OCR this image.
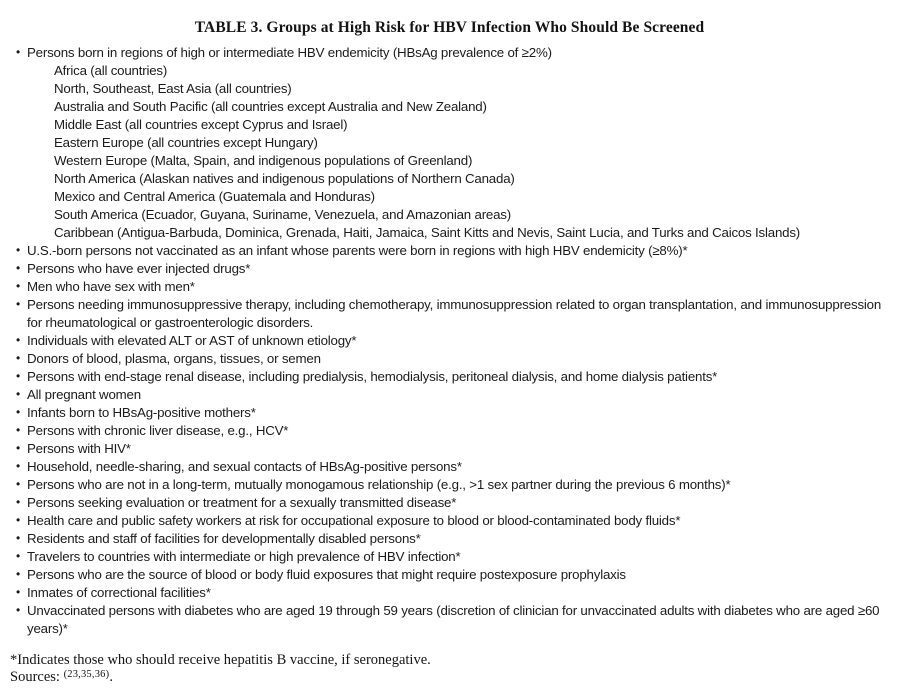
TABLE 3. Groups at High Risk for HBV Infection Who Should Be Screened
• Persons born in regions of high or intermediate HBV endemicity (HBsAg prevalence of ≥2%)
Africa (all countries)
North, Southeast, East Asia (all countries)
Australia and South Pacific (all countries except Australia and New Zealand)
Middle East (all countries except Cyprus and Israel)
Eastern Europe (all countries except Hungary)
Western Europe (Malta, Spain, and indigenous populations of Greenland)
North America (Alaskan natives and indigenous populations of Northern Canada)
Mexico and Central America (Guatemala and Honduras)
South America (Ecuador, Guyana, Suriname, Venezuela, and Amazonian areas)
Caribbean (Antigua-Barbuda, Dominica, Grenada, Haiti, Jamaica, Saint Kitts and Nevis, Saint Lucia, and Turks and Caicos Islands)
• U.S.-born persons not vaccinated as an infant whose parents were born in regions with high HBV endemicity (≥8%)*
• Persons who have ever injected drugs*
• Men who have sex with men*
• Persons needing immunosuppressive therapy, including chemotherapy, immunosuppression related to organ transplantation, and immunosuppression for rheumatological or gastroenterologic disorders.
• Individuals with elevated ALT or AST of unknown etiology*
• Donors of blood, plasma, organs, tissues, or semen
• Persons with end-stage renal disease, including predialysis, hemodialysis, peritoneal dialysis, and home dialysis patients*
• All pregnant women
• Infants born to HBsAg-positive mothers*
• Persons with chronic liver disease, e.g., HCV*
• Persons with HIV*
• Household, needle-sharing, and sexual contacts of HBsAg-positive persons*
• Persons who are not in a long-term, mutually monogamous relationship (e.g., >1 sex partner during the previous 6 months)*
• Persons seeking evaluation or treatment for a sexually transmitted disease*
• Health care and public safety workers at risk for occupational exposure to blood or blood-contaminated body fluids*
• Residents and staff of facilities for developmentally disabled persons*
• Travelers to countries with intermediate or high prevalence of HBV infection*
• Persons who are the source of blood or body fluid exposures that might require postexposure prophylaxis
• Inmates of correctional facilities*
• Unvaccinated persons with diabetes who are aged 19 through 59 years (discretion of clinician for unvaccinated adults with diabetes who are aged ≥60 years)*
*Indicates those who should receive hepatitis B vaccine, if seronegative.
Sources: $^{(23,35,36)}$.
